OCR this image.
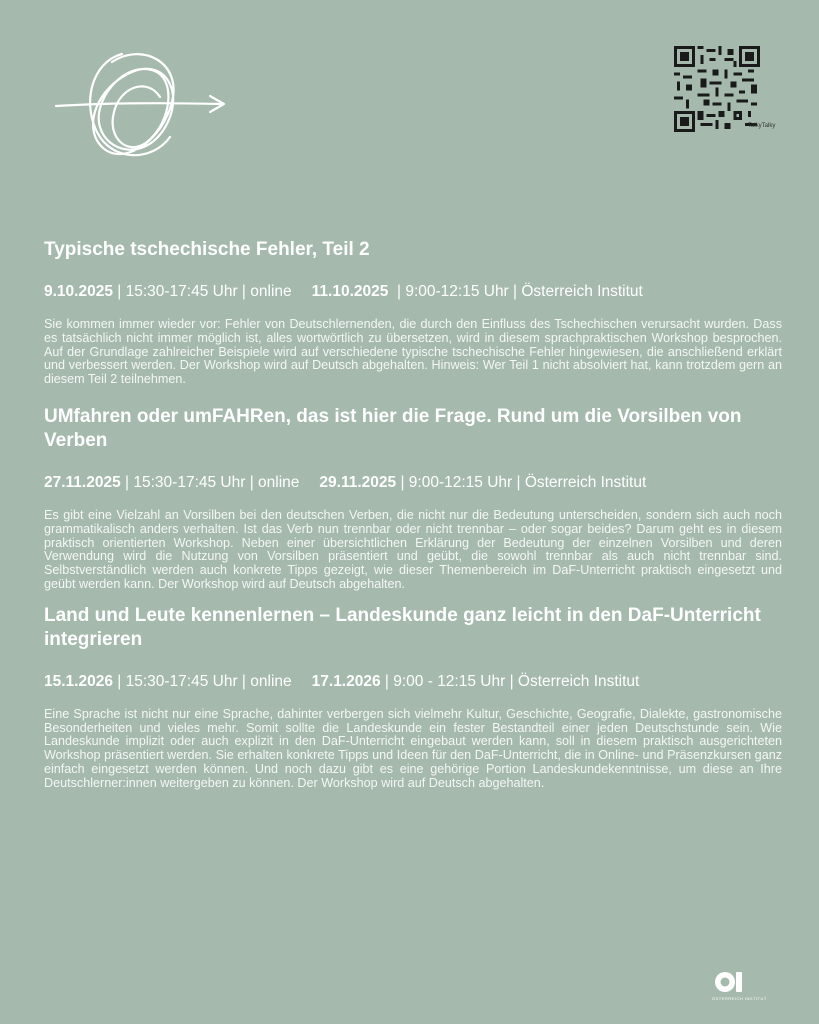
TalkyTalky
Typische tschechische Fehler, Teil 2
9.10.2025 | 15:30-17:45 Uhr | online 11.10.2025  | 9:00-12:15 Uhr | Österreich Institut

Sie kommen immer wieder vor: Fehler von Deutschlernenden, die durch den Einfluss des Tschechischen verursacht wurden. Dass es tatsächlich nicht immer möglich ist, alles wortwörtlich zu übersetzen, wird in diesem sprachpraktischen Workshop besprochen. Auf der Grundlage zahlreicher Beispiele wird auf verschiedene typische tschechische Fehler hingewiesen, die anschließend erklärt und verbessert werden. Der Workshop wird auf Deutsch abgehalten. Hinweis: Wer Teil 1 nicht absolviert hat, kann trotzdem gern an diesem Teil 2 teilnehmen.

UMfahren oder umFAHRen, das ist hier die Frage. Rund um die Vorsilben von Verben
27.11.2025 | 15:30-17:45 Uhr | online 29.11.2025 | 9:00-12:15 Uhr | Österreich Institut

Es gibt eine Vielzahl an Vorsilben bei den deutschen Verben, die nicht nur die Bedeutung unterscheiden, sondern sich auch noch grammatikalisch anders verhalten. Ist das Verb nun trennbar oder nicht trennbar – oder sogar beides? Darum geht es in diesem praktisch orientierten Workshop. Neben einer übersichtlichen Erklärung der Bedeutung der einzelnen Vorsilben und deren Verwendung wird die Nutzung von Vorsilben präsentiert und geübt, die sowohl trennbar als auch nicht trennbar sind. Selbstverständlich werden auch konkrete Tipps gezeigt, wie dieser Themenbereich im DaF-Unterricht praktisch eingesetzt und geübt werden kann. Der Workshop wird auf Deutsch abgehalten.

Land und Leute kennenlernen – Landeskunde ganz leicht in den DaF-Unterricht integrieren
15.1.2026 | 15:30-17:45 Uhr | online 17.1.2026 | 9:00 - 12:15 Uhr | Österreich Institut

Eine Sprache ist nicht nur eine Sprache, dahinter verbergen sich vielmehr Kultur, Geschichte, Geografie, Dialekte, gastronomische Besonderheiten und vieles mehr. Somit sollte die Landeskunde ein fester Bestandteil einer jeden Deutschstunde sein. Wie Landeskunde implizit oder auch explizit in den DaF-Unterricht eingebaut werden kann, soll in diesem praktisch ausgerichteten Workshop präsentiert werden. Sie erhalten konkrete Tipps und Ideen für den DaF-Unterricht, die in Online- und Präsenzkursen ganz einfach eingesetzt werden können. Und noch dazu gibt es eine gehörige Portion Landeskundekenntnisse, um diese an Ihre Deutschlerner:innen weitergeben zu können. Der Workshop wird auf Deutsch abgehalten.

ÖSTERREICH INSTITUT
